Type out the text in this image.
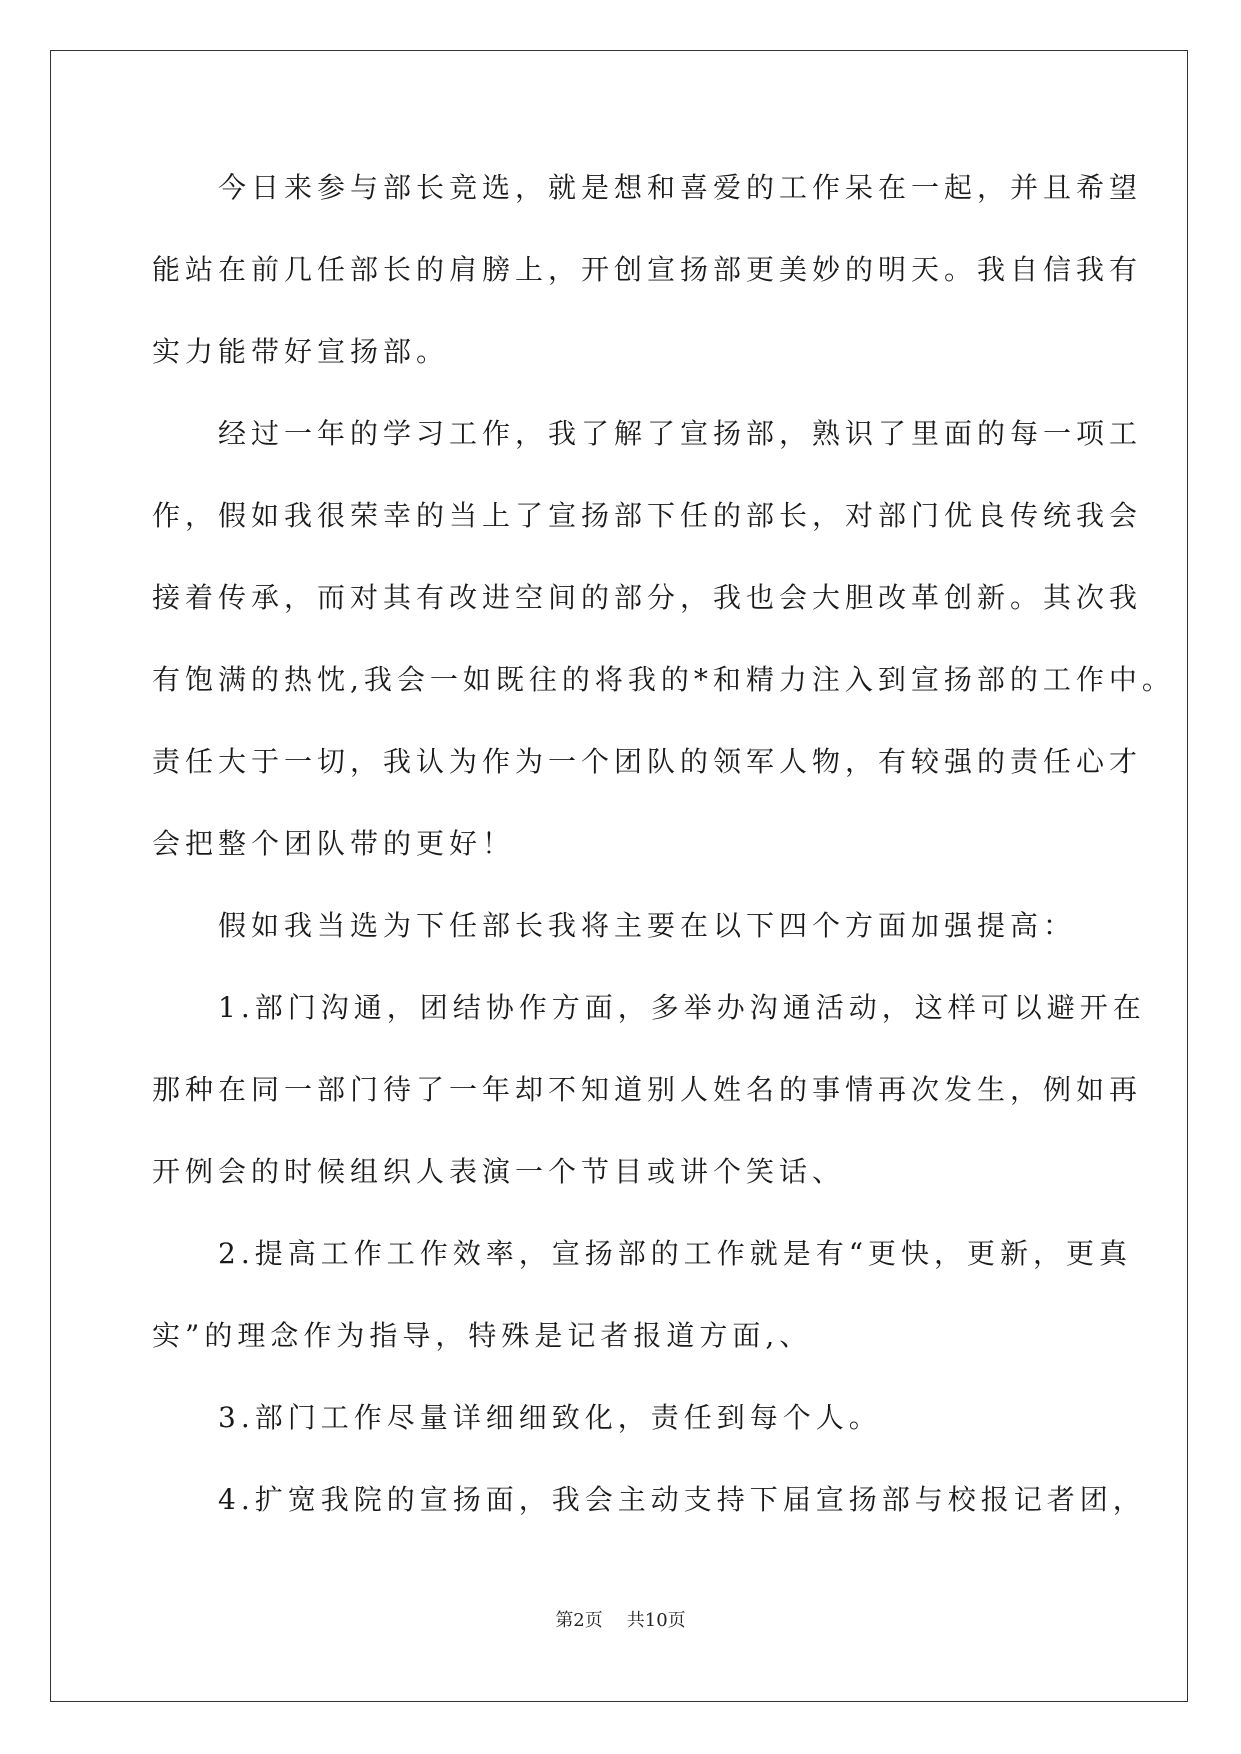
　　今日来参与部长竞选，就是想和喜爱的工作呆在一起，并且希望
能站在前几任部长的肩膀上，开创宣扬部更美妙的明天。我自信我有
实力能带好宣扬部。
　　经过一年的学习工作，我了解了宣扬部，熟识了里面的每一项工
作，假如我很荣幸的当上了宣扬部下任的部长，对部门优良传统我会
接着传承，而对其有改进空间的部分，我也会大胆改革创新。其次我
有饱满的热忱,我会一如既往的将我的*和精力注入到宣扬部的工作中。
责任大于一切，我认为作为一个团队的领军人物，有较强的责任心才
会把整个团队带的更好！
　　假如我当选为下任部长我将主要在以下四个方面加强提高：
　　1.部门沟通，团结协作方面，多举办沟通活动，这样可以避开在
那种在同一部门待了一年却不知道别人姓名的事情再次发生，例如再
开例会的时候组织人表演一个节目或讲个笑话、
　　2.提高工作工作效率，宣扬部的工作就是有“更快，更新，更真
实”的理念作为指导，特殊是记者报道方面,、
　　3.部门工作尽量详细细致化，责任到每个人。
　　4.扩宽我院的宣扬面，我会主动支持下届宣扬部与校报记者团，
第2页 共10页
